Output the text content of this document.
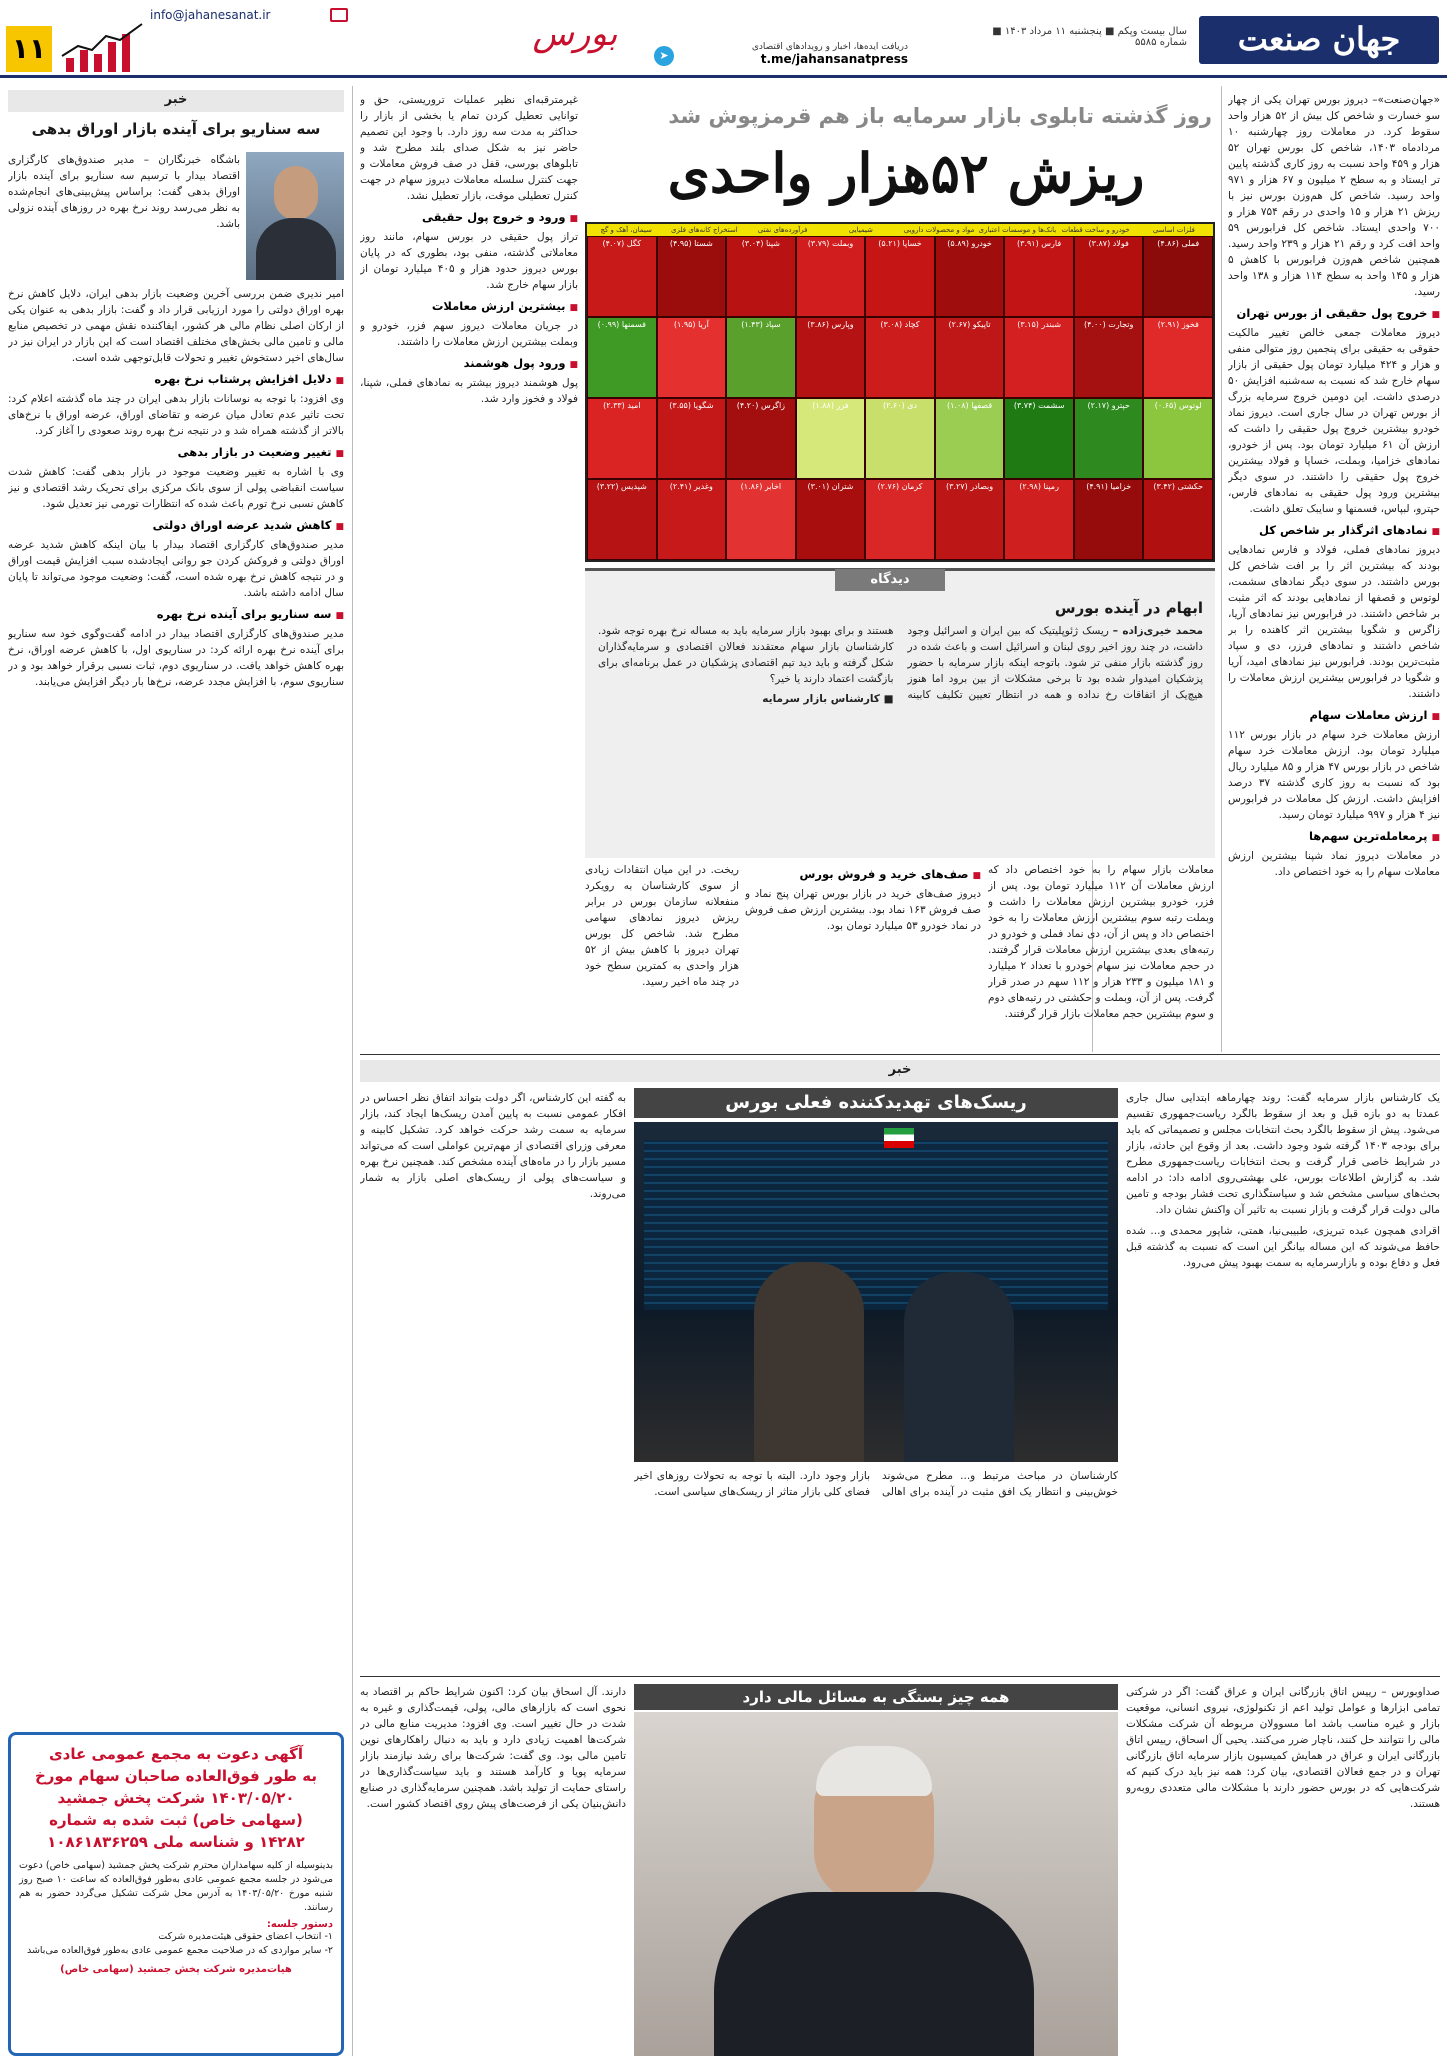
جهان صنعت
سال بیست وپکم ■ پنجشنبه ۱۱ مرداد ۱۴۰۳ ■ شماره ۵۵۸۵
دریافت ایده‌ها، اخبار و رویدادهای اقتصادی
t.me/jahansanatpress
➤
بورس
info@jahanesanat.ir
۱۱

«جهان‌صنعت»– دیروز بورس تهران یکی‌ از‌ چهار سو خسارت و شاخص کل بیش از ۵۲ هزار واحد سقوط کرد. در معاملات روز چهارشنبه ۱۰ مرداد‌ماه ۱۴۰۳، شاخص کل بورس تهران ۵۲ هزار و ۴۵۹ واحد نسبت به روز کاری گذشته پایین تر ایستاد و به سطح ۲ میلیون و ۶۷ هزار و ۹۷۱ واحد رسید. شاخص کل هم‌وزن بورس نیز با ریزش ۲۱ هزار و ۱۵ واحدی در رقم ۷۵۴ هزار و ۷۰۰ واحدی ایستاد. شاخص کل فرابورس ۵۹ واحد افت کرد و رقم ۲۱ هزار و ۲۳۹ واحد رسید. همچنین شاخص هم‌وزن فرابورس با کاهش ۵ هزار و ۱۴۵ واحد به سطح ۱۱۴ هزار و ۱۳۸ واحد رسید.

■ خروج پول حقیقی از بورس تهران

دیروز معاملات جمعی خالص تغییر مالکیت حقوقی به حقیقی برای پنجمین روز متوالی منفی و هزار و ۴۲۴ میلیارد تومان پول حقیقی از بازار سهام خارج شد که نسبت به سه‌شنبه افزایش ۵۰ درصدی داشت. این دومین خروج سرمایه بزرگ از بورس تهران در سال جاری است. دیروز نماد خودرو بیشترین خروج پول حقیقی را داشت که ارزش آن ۶۱ میلیارد تومان بود. پس از خودرو، نمادهای خزامیا، وبملت، خساپا و فولاد بیشترین خروج پول حقیقی را داشتند. در سوی دیگر بیشترین ورود پول حقیقی به نمادهای فارس، حپترو، لبپاس، فسمنها و سایبک تعلق داشت.

■ نمادهای اثرگذار بر شاخص کل

دیروز نمادهای فملی، فولاد و فارس نمادهایی بودند که بیشترین اثر را بر افت شاخص کل بورس داشتند. در سوی دیگر نمادهای سشمت، لوتوس و قصفها از نمادهایی بودند که اثر مثبت بر شاخص داشتند. در فرابورس نیز نمادهای آریا، زاگرس و شگویا بیشترین اثر کاهنده را بر شاخص داشتند و نمادهای فرزر، دی و سپاد مثبت‌ترین بودند. فرابورس نیز نمادهای امید، آریا و شگویا در فرابورس بیشترین ارزش معاملات را داشتند.

■ ارزش معاملات سهام

ارزش معاملات خرد سهام در بازار بورس ۱۱۲ میلیارد تومان بود. ارزش معاملات خرد سهام شاخص در بازار بورس ۴۷ هزار و ۸۵ میلیارد ریال بود که نسبت به روز کاری گذشته ۳۷ درصد افزایش داشت. ارزش کل معاملات در فرابورس نیز ۴ هزار و ۹۹۷ میلیارد تومان رسید.

■ پرمعامله‌ترین سهم‌ها

در معاملات دیروز نماد شپنا بیشترین ارزش معاملات سهام را به خود اختصاص داد.

روز گذشته تابلوی بازار سرمایه باز هم قرمزپوش شد
ریزش ۵۲هزار واحدی
فلزات اساسی
خودرو و ساخت قطعات
بانک‌ها و موسسات اعتباری
مواد و محصولات دارویی
شیمیایی
فرآورده‌های نفتی
استخراج کانه‌های فلزی
سیمان، آهک و گچ
فملی (۴.۸۶)
فولاد (۳.۸۷)
فارس (۳.۹۱)
خودرو (۵.۸۹)
خساپا (۵.۲۱)
وبملت (۳.۷۹)
شپنا (۳.۰۴)
شستا (۴.۹۵)
کگل (۴.۰۷)
فخوز (۲.۹۱)
وتجارت (۴.۰۰)
شبندر (۳.۱۵)
تاپیکو (۲.۶۷)
کچاد (۳.۰۸)
وپارس (۳.۸۶)
سپاد (۱.۴۳)
آریا (۱.۹۵)
فسمنها (۰.۹۹)
لوتوس (۰.۶۵)
حپترو (۲.۱۷)
سشمت (۳.۷۴)
قصفها (۱.۰۸)
دی (۲.۶۰)
فزر (۱.۸۸)
زاگرس (۴.۲۰)
شگویا (۳.۵۵)
امید (۲.۳۳)
حکشتی (۳.۴۲)
خزامیا (۴.۹۱)
رمپنا (۲.۹۸)
وبصادر (۳.۲۷)
کرمان (۲.۷۶)
شتران (۳.۰۱)
اخابر (۱.۸۶)
وغدیر (۲.۴۱)
شپدیس (۳.۲۲)
دیدگاه
ابهام در آینده بورس
محمد خیری‌زاده – ریسک ژئوپلیتیک که بین ایران و اسرائیل وجود داشت، در چند روز اخیر روی لبنان و اسرائیل است و باعث شده در روز گذشته بازار منفی تر شود. باتوجه اینکه بازار سرمایه با حضور پزشکیان امیدوار شده بود تا برخی مشکلات از بین برود اما هنوز هیچ‌یک از اتفاقات رخ نداده و همه در انتظار تعیین تکلیف کابینه هستند و برای بهبود بازار سرمایه باید به مساله نرخ بهره توجه شود. کارشناسان بازار سهام معتقدند فعالان اقتصادی و سرمایه‌گذاران شکل گرفته و باید دید تیم اقتصادی پزشکیان در عمل برنامه‌ای برای بازگشت اعتماد دارند یا خیر؟
■ کارشناس بازار سرمایه

غیرمترقبه‌ای نظیر عملیات تروریستی، حق و توانایی تعطیل کردن تمام یا بخشی از بازار را حداکثر به مدت سه روز دارد. با وجود این تصمیم حاضر نیز به شکل صدای بلند مطرح شد و تابلوهای بورسی، قفل در صف فروش معاملات و جهت کنترل سلسله معاملات دیروز سهام در جهت کنترل تعطیلی موقت، بازار تعطیل نشد.

■ ورود و خروج پول حقیقی

تراز پول حقیقی در بورس سهام، مانند روز معاملاتی گذشته، منفی بود، بطوری که در پایان بورس دیروز حدود هزار و ۴۰۵ میلیارد تومان از بازار سهام خارج شد.

■ بیشترین ارزش معاملات

در جریان معاملات دیروز سهم فزر، خودرو و وبملت بیشترین ارزش معاملات را داشتند.

■ ورود پول هوشمند

پول هوشمند دیروز بیشتر به نمادهای فملی، شپنا، فولاد و فخوز وارد شد.

معاملات بازار سهام را به خود اختصاص داد که ارزش معاملات آن ۱۱۲ میلیارد تومان بود. پس از فزر، خودرو بیشترین ارزش معاملات را داشت و وبملت رتبه سوم بیشترین ارزش معاملات را به خود اختصاص داد و پس از آن، دی نماد فملی و خودرو در رتبه‌های بعدی بیشترین ارزش معاملات قرار گرفتند. در حجم معاملات نیز سهام خودرو با تعداد ۲ میلیارد و ۱۸۱ میلیون و ۲۳۳ هزار و ۱۱۲ سهم در صدر قرار گرفت. پس از آن، وبملت و حکشتی در رتبه‌های دوم و سوم بیشترین حجم معاملات بازار قرار گرفتند.

■ صف‌های خرید و فروش بورس

دیروز صف‌های خرید در بازار بورس تهران پنج نماد و صف فروش ۱۶۳ نماد بود. بیشترین ارزش صف فروش در نماد خودرو ۵۳ میلیارد تومان بود.

ریخت. در این میان انتقادات زیادی از سوی کارشناسان به رویکرد منفعلانه سازمان بورس در برابر ریزش دیروز نمادهای سهامی مطرح شد. شاخص کل بورس تهران دیروز با کاهش بیش از ۵۲ هزار واحدی به کمترین سطح خود در چند ماه اخیر رسید.

خبر

یک کارشناس بازار سرمایه گفت: روند چهارماهه ابتدایی سال جاری عمدتا به دو بازه قبل و بعد از سقوط بالگرد ریاست‌جمهوری تقسیم می‌شود. پیش از سقوط بالگرد بحث انتخابات مجلس و تصمیماتی که باید برای بودجه ۱۴۰۳ گرفته شود وجود داشت. بعد از وقوع این حادثه، بازار در شرایط خاصی قرار گرفت و بحث انتخابات ریاست‌جمهوری مطرح شد. به گزارش اطلاعات بورس، علی بهشتی‌روی ادامه داد: در ادامه بحث‌های سیاسی مشخص شد و سیاستگذاری تحت فشار بودجه و تامین مالی دولت قرار گرفت و بازار نسبت به تاثیر آن واکنش نشان داد.

اقرادی همچون عبده تبریزی، طبیبی‌نیا، همتی، شاپور محمدی و... شده حافظ می‌شوند که این مساله بیانگر این است که نسبت به گذشته قبل فعل و دفاع بوده و بازارسرمایه به سمت بهبود پیش می‌رود.

ریسک‌های تهدیدکننده فعلی بورس

کارشناسان در مباحث مرتبط و... مطرح می‌شوند خوش‌بینی و انتظار یک افق مثبت در آینده برای اهالی بازار وجود دارد. البته با توجه به تحولات روزهای اخیر فضای کلی بازار متاثر از ریسک‌های سیاسی است.

به گفته این کارشناس، اگر دولت بتواند اتفاق نظر احساس در افکار عمومی نسبت به پایین آمدن ریسک‌ها ایجاد کند، بازار سرمایه به سمت رشد حرکت خواهد کرد. تشکیل کابینه و معرفی وزرای اقتصادی از مهم‌ترین عواملی است که می‌تواند مسیر بازار را در ماه‌های آینده مشخص کند. همچنین نرخ بهره و سیاست‌های پولی از ریسک‌های اصلی بازار به شمار می‌روند.

صداوبورس – رییس اتاق بازرگانی ایران و عراق گفت: اگر در شرکتی تمامی ابزارها و عوامل تولید اعم از تکنولوژی، نیروی انسانی، موقعیت بازار و غیره مناسب باشد اما مسوولان مربوطه آن شرکت مشکلات مالی را نتوانند حل کنند، ناچار ضرر می‌کنند. یحیی آل اسحاق، رییس اتاق بازرگانی ایران و عراق در همایش کمیسیون بازار سرمایه اتاق بازرگانی تهران و در جمع فعالان اقتصادی، بیان کرد: همه نیز باید درک کنیم که شرکت‌هایی که در بورس حضور دارند با مشکلات مالی متعددی روبه‌رو هستند.

همه چیز بستگی به مسائل مالی دارد

دارند. آل اسحاق بیان کرد: اکنون شرایط حاکم بر اقتصاد به نحوی است که بازارهای مالی، پولی، قیمت‌گذاری و غیره به شدت در حال تغییر است. وی افزود: مدیریت منابع مالی در شرکت‌ها اهمیت زیادی دارد و باید به دنبال راهکارهای نوین تامین مالی بود. وی گفت: شرکت‌ها برای رشد نیازمند بازار سرمایه پویا و کارآمد هستند و باید سیاست‌گذاری‌ها در راستای حمایت از تولید باشد. همچنین سرمایه‌گذاری در صنایع دانش‌بنیان یکی از فرصت‌های پیش روی اقتصاد کشور است.

خبر
سه سناریو برای آینده بازار اوراق بدهی

باشگاه خبرنگاران – مدیر صندوق‌های کارگزاری اقتصاد بیدار با ترسیم سه سناریو برای آینده بازار اوراق بدهی گفت: براساس پیش‌بینی‌های انجام‌شده به نظر می‌رسد روند نرخ بهره در روزهای آینده نزولی باشد.

امیر ندیری ضمن بررسی آخرین وضعیت بازار بدهی ایران، دلایل کاهش نرخ بهره اوراق دولتی را مورد ارزیابی قرار داد و گفت: بازار بدهی به عنوان یکی از ارکان اصلی نظام مالی هر کشور، ایفاکننده نقش مهمی در تخصیص منابع مالی و تامین مالی بخش‌های مختلف اقتصاد است که این بازار در ایران نیز در سال‌های اخیر دستخوش تغییر و تحولات قابل‌توجهی شده است.

■ دلایل افزایش پرشتاب نرخ بهره

وی افزود: با توجه به نوسانات بازار بدهی ایران در چند ماه گذشته اعلام کرد: تحت تاثیر عدم تعادل میان عرضه و تقاضای اوراق، عرضه اوراق با نرخ‌های بالاتر از گذشته همراه شد و در نتیجه نرخ بهره روند صعودی را آغاز کرد.

■ تغییر وضعیت در بازار بدهی

وی با اشاره به تغییر وضعیت موجود در بازار بدهی گفت: کاهش شدت سیاست انقباضی پولی از سوی بانک مرکزی برای تحریک رشد اقتصادی و نیز کاهش نسبی نرخ تورم باعث شده که انتظارات تورمی نیز تعدیل شود.

■ کاهش شدید عرضه اوراق دولتی

مدیر صندوق‌های کارگزاری اقتصاد بیدار با بیان اینکه کاهش شدید عرضه اوراق دولتی و فروکش کردن جو روانی ایجاد‌شده سبب افزایش قیمت اوراق و در نتیجه کاهش نرخ بهره شده است، گفت: وضعیت موجود می‌تواند تا پایان سال ادامه داشته باشد.

■ سه سناریو برای آینده نرخ بهره

مدیر صندوق‌های کارگزاری اقتصاد بیدار در ادامه گفت‌وگوی خود سه سناریو برای آینده نرخ بهره ارائه کرد: در سناریوی اول، با کاهش عرضه اوراق، نرخ بهره کاهش خواهد یافت. در سناریوی دوم، ثبات نسبی برقرار خواهد بود و در سناریوی سوم، با افزایش مجدد عرضه، نرخ‌ها بار دیگر افزایش می‌یابند.

آگهی دعوت به مجمع عمومی عادی
به طور فوق‌العاده صاحبان سهام مورخ
۱۴۰۳/۰۵/۲۰ شرکت پخش جمشید
(سهامی خاص) ثبت شده به شماره
۱۴۲۸۲ و شناسه ملی ۱۰۸۶۱۸۳۶۲۵۹
بدینوسیله از کلیه سهامداران محترم شرکت پخش جمشید (سهامی خاص) دعوت می‌شود در جلسه مجمع عمومی عادی به‌طور فوق‌العاده که ساعت ۱۰ صبح روز شنبه مورخ ۱۴۰۳/۰۵/۲۰ به آدرس محل شرکت تشکیل می‌گردد حضور به هم رسانند.
دستور جلسه:
۱- انتخاب اعضای حقوقی هیئت‌مدیره شرکت
۲- سایر مواردی که در صلاحیت مجمع عمومی عادی به‌طور فوق‌العاده می‌باشد
هیات‌مدیره شرکت پخش جمشید (سهامی خاص)
